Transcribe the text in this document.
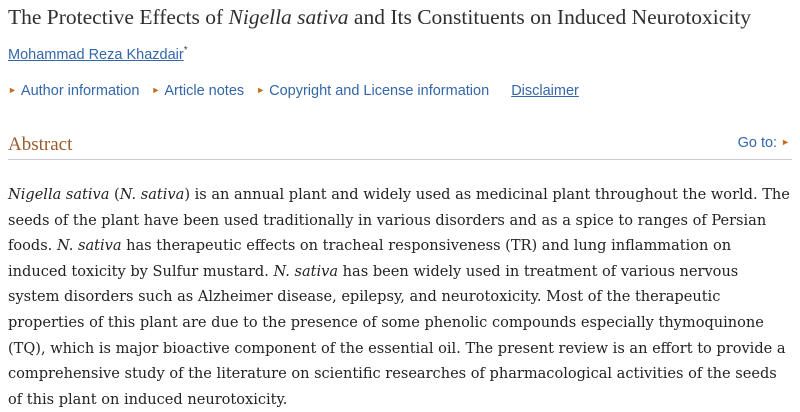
The Protective Effects of Nigella sativa and Its Constituents on Induced Neurotoxicity
Mohammad Reza Khazdair*
► Author information ► Article notes ► Copyright and License information Disclaimer
Abstract	Go to: ►

Nigella sativa (N. sativa) is an annual plant and widely used as medicinal plant throughout the world. The seeds of the plant have been used traditionally in various disorders and as a spice to ranges of Persian foods. N. sativa has therapeutic effects on tracheal responsiveness (TR) and lung inflammation on induced toxicity by Sulfur mustard. N. sativa has been widely used in treatment of various nervous system disorders such as Alzheimer disease, epilepsy, and neurotoxicity. Most of the therapeutic properties of this plant are due to the presence of some phenolic compounds especially thymoquinone (TQ), which is major bioactive component of the essential oil. The present review is an effort to provide a comprehensive study of the literature on scientific researches of pharmacological activities of the seeds of this plant on induced neurotoxicity.
